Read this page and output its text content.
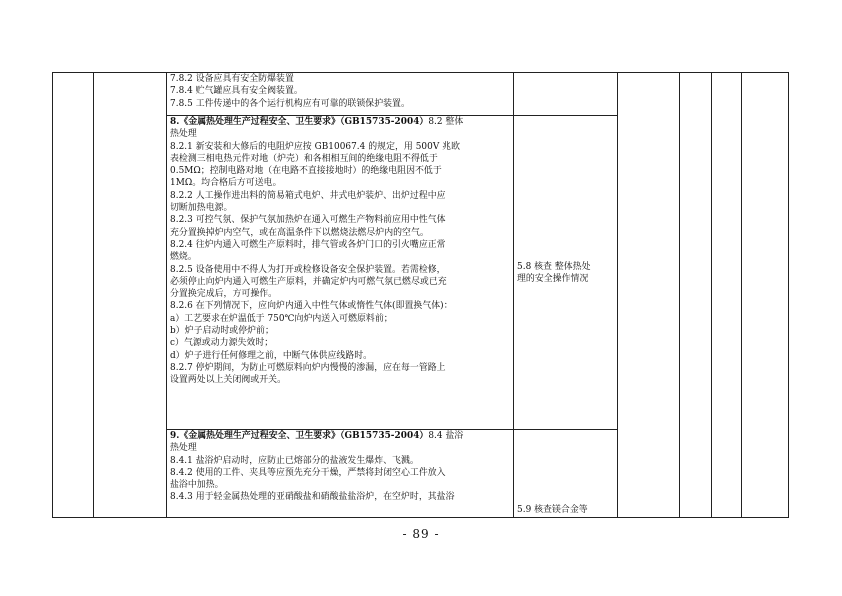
7.8.2 设备应具有安全防爆装置

7.8.4 贮气罐应具有安全阀装置。

7.8.5 工件传递中的各个运行机构应有可靠的联锁保护装置。

8.《金属热处理生产过程安全、卫生要求》（GB15735-2004）8.2 整体

热处理

8.2.1 新安装和大修后的电阻炉应按 GB10067.4 的规定，用 500V 兆欧

表检测三相电热元件对地（炉壳）和各相相互间的绝缘电阻不得低于

0.5MΩ；控制电路对地（在电路不直接接地时）的绝缘电阻因不低于

1MΩ。均合格后方可送电。

8.2.2 人工操作进出料的简易箱式电炉、井式电炉装炉、出炉过程中应

切断加热电源。

8.2.3 可控气氛、保护气氛加热炉在通入可燃生产物料前应用中性气体

充分置换掉炉内空气，或在高温条件下以燃烧法燃尽炉内的空气。

8.2.4 往炉内通入可燃生产原料时，排气管或各炉门口的引火嘴应正常

燃烧。

8.2.5 设备使用中不得人为打开或检修设备安全保护装置。若需检修，

必须停止向炉内通入可燃生产原料，并确定炉内可燃气氛已燃尽或已充

分置换完成后，方可操作。

8.2.6 在下列情况下，应向炉内通入中性气体或惰性气体(即置换气体)：

a）工艺要求在炉温低于 750℃向炉内送入可燃原料前；

b）炉子启动时或停炉前；

c）气源或动力源失效时；

d）炉子进行任何修理之前，中断气体供应线路时。

8.2.7 停炉期间，为防止可燃原料向炉内慢慢的渗漏，应在每一管路上

设置两处以上关闭阀或开关。

5.8 核查 整体热处

理的安全操作情况

9.《金属热处理生产过程安全、卫生要求》（GB15735-2004）8.4 盐浴

热处理

8.4.1 盐浴炉启动时，应防止已熔部分的盐液发生爆炸、飞溅。

8.4.2 使用的工件、夹具等应预先充分干燥，严禁将封闭空心工件放入

盐浴中加热。

8.4.3 用于轻金属热处理的亚硝酸盐和硝酸盐盐浴炉，在空炉时，其盐浴

5.9 核查镁合金等

- 89 -
